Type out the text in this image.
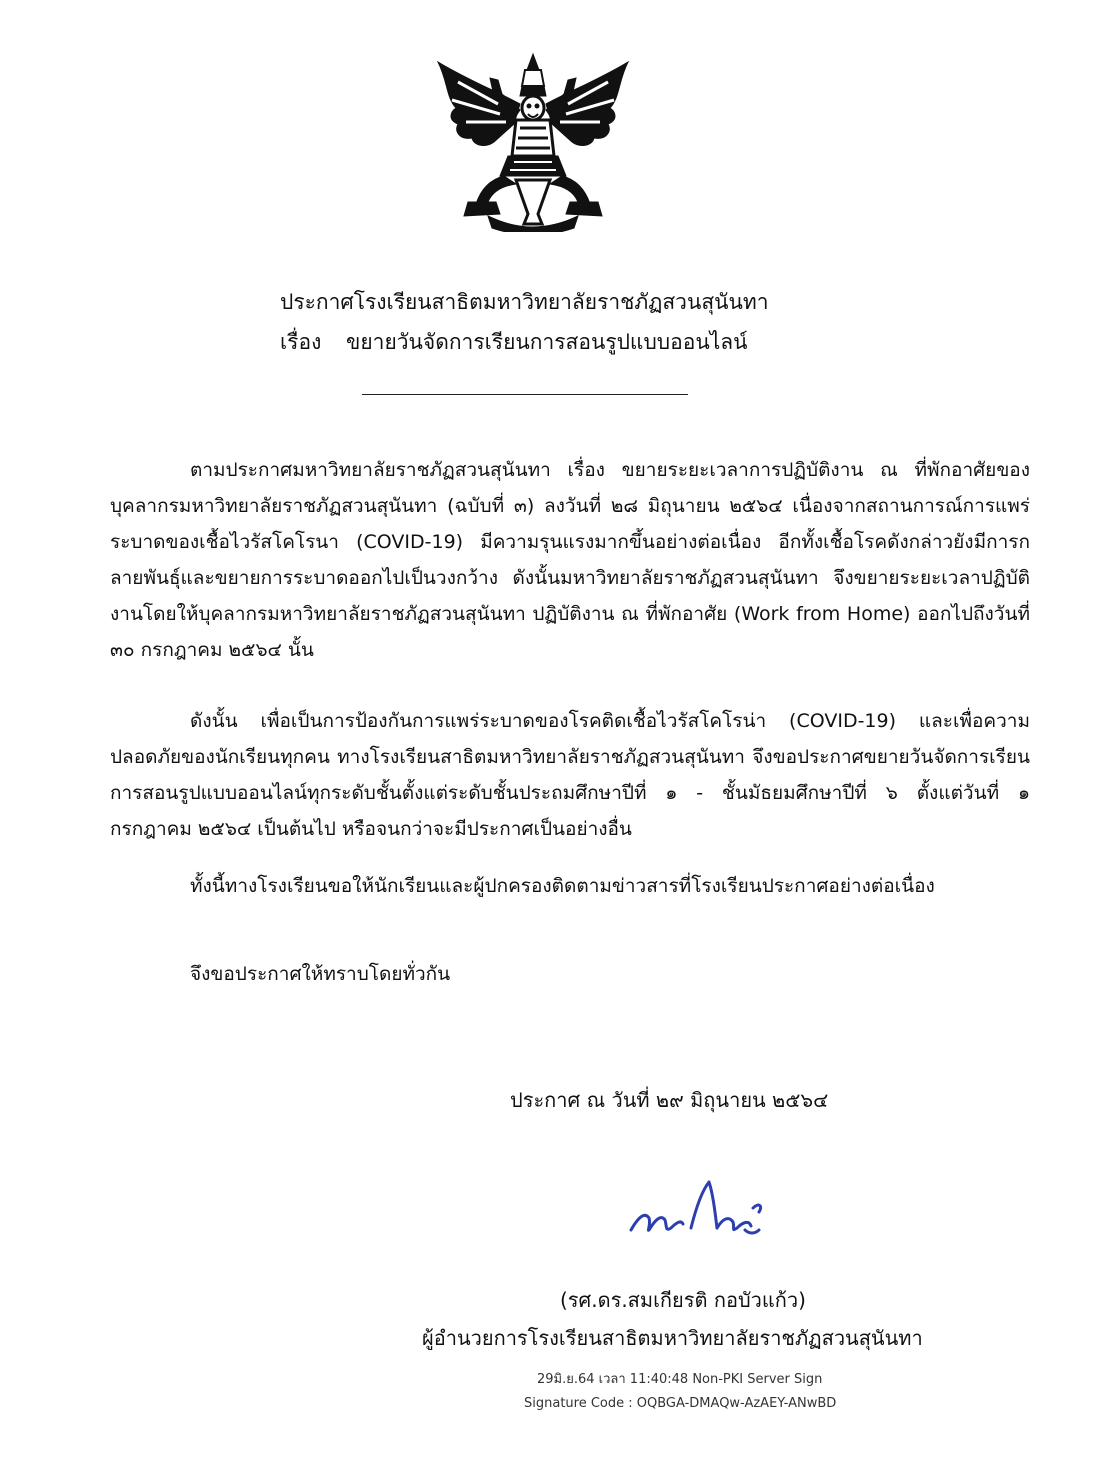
ประกาศโรงเรียนสาธิตมหาวิทยาลัยราชภัฏสวนสุนันทา
เรื่อง ขยายวันจัดการเรียนการสอนรูปแบบออนไลน์

ตามประกาศมหาวิทยาลัยราชภัฏสวนสุนันทา เรื่อง ขยายระยะเวลาการปฏิบัติงาน ณ ที่พักอาศัยของบุคลากรมหาวิทยาลัยราชภัฏสวนสุนันทา (ฉบับที่ ๓) ลงวันที่ ๒๘ มิถุนายน ๒๕๖๔ เนื่องจากสถานการณ์การแพร่ระบาดของเชื้อไวรัสโคโรนา (COVID-19) มีความรุนแรงมากขึ้นอย่างต่อเนื่อง อีกทั้งเชื้อโรคดังกล่าวยังมีการกลายพันธุ์และขยายการระบาดออกไปเป็นวงกว้าง ดังนั้นมหาวิทยาลัยราชภัฏสวนสุนันทา จึงขยายระยะเวลาปฏิบัติงานโดยให้บุคลากรมหาวิทยาลัยราชภัฏสวนสุนันทา ปฏิบัติงาน ณ ที่พักอาศัย (Work from Home) ออกไปถึงวันที่ ๓๐ กรกฎาคม ๒๕๖๔ นั้น

ดังนั้น เพื่อเป็นการป้องกันการแพร่ระบาดของโรคติดเชื้อไวรัสโคโรน่า (COVID-19) และเพื่อความปลอดภัยของนักเรียนทุกคน ทางโรงเรียนสาธิตมหาวิทยาลัยราชภัฏสวนสุนันทา จึงขอประกาศขยายวันจัดการเรียนการสอนรูปแบบออนไลน์ทุกระดับชั้นตั้งแต่ระดับชั้นประถมศึกษาปีที่ ๑ - ชั้นมัธยมศึกษาปีที่ ๖ ตั้งแต่วันที่ ๑ กรกฎาคม ๒๕๖๔ เป็นต้นไป หรือจนกว่าจะมีประกาศเป็นอย่างอื่น

ทั้งนี้ทางโรงเรียนขอให้นักเรียนและผู้ปกครองติดตามข่าวสารที่โรงเรียนประกาศอย่างต่อเนื่อง

จึงขอประกาศให้ทราบโดยทั่วกัน

ประกาศ ณ วันที่ ๒๙ มิถุนายน ๒๕๖๔
(รศ.ดร.สมเกียรติ กอบัวแก้ว)
ผู้อำนวยการโรงเรียนสาธิตมหาวิทยาลัยราชภัฏสวนสุนันทา
29มิ.ย.64 เวลา 11:40:48 Non-PKI Server Sign
Signature Code : OQBGA-DMAQw-AzAEY-ANwBD
